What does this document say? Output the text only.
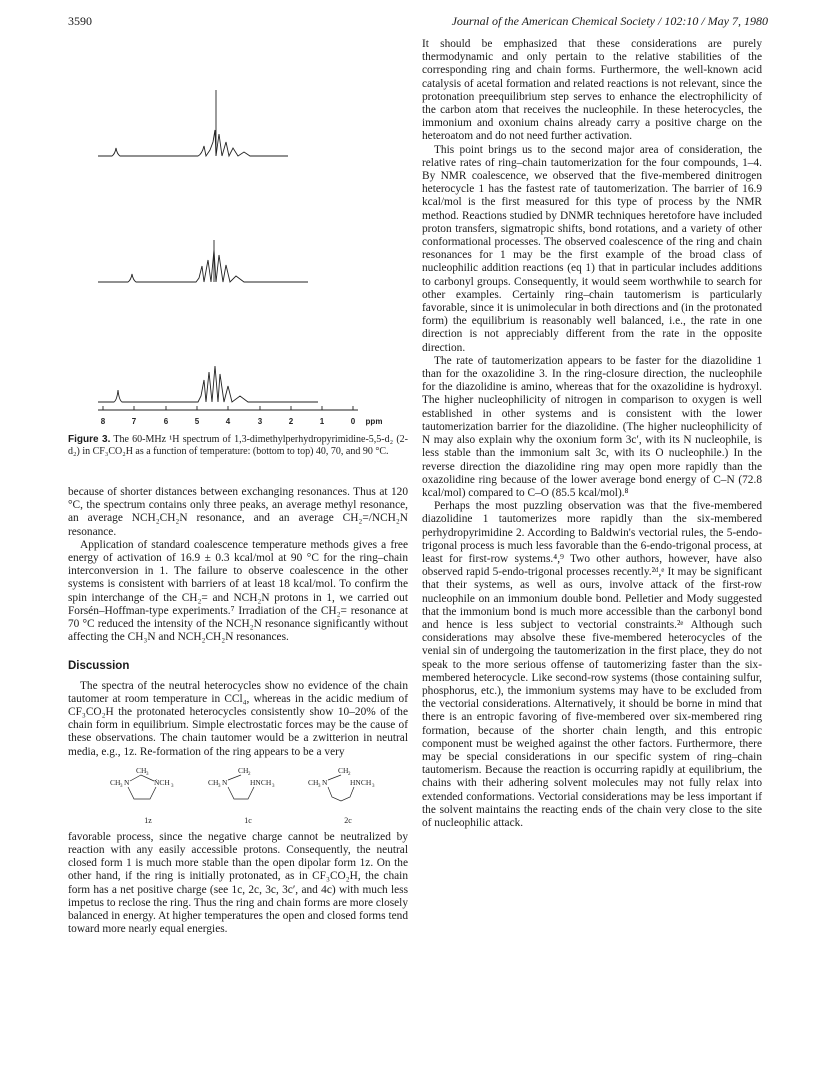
3590	Journal of the American Chemical Society / 102:10 / May 7, 1980
8	7	6	5	4	3	2	1	0 ppm
Figure 3. The 60-MHz ¹H spectrum of 1,3-dimethylperhydropyrimidine-5,5-d₂ (2-d₂) in CF₃CO₂H as a function of temperature: (bottom to top) 40, 70, and 90 °C.

because of shorter distances between exchanging resonances. Thus at 120 °C, the spectrum contains only three peaks, an average methyl resonance, an average NCH₂CH₂N resonance, and an average CH₂=/NCH₂N resonance.

Application of standard coalescence temperature methods gives a free energy of activation of 16.9 ± 0.3 kcal/mol at 90 °C for the ring–chain interconversion in 1. The failure to observe coalescence in the other systems is consistent with barriers of at least 18 kcal/mol. To confirm the spin interchange of the CH₂= and NCH₂N protons in 1, we carried out Forsén–Hoffman-type experiments.⁷ Irradiation of the CH₂= resonance at 70 °C reduced the intensity of the NCH₂N resonance significantly without affecting the CH₃N and NCH₂CH₂N resonances.

Discussion

The spectra of the neutral heterocycles show no evidence of the chain tautomer at room temperature in CCl₄, whereas in the acidic medium of CF₃CO₂H the protonated heterocycles consistently show 10–20% of the chain form in equilibrium. Simple electrostatic forces may be the cause of these observations. The chain tautomer would be a zwitterion in neutral media, e.g., 1z. Re-formation of the ring appears to be a very

CH 3
CH 3 N	ṄCH 3
1z
CH 2
CH 3 N	HNCH 3
1c
CH 2
CH 3 N	HNCH 3
2c

favorable process, since the negative charge cannot be neutralized by reaction with any easily accessible protons. Consequently, the neutral closed form 1 is much more stable than the open dipolar form 1z. On the other hand, if the ring is initially protonated, as in CF₃CO₂H, the chain form has a net positive charge (see 1c, 2c, 3c, 3c′, and 4c) with much less impetus to reclose the ring. Thus the ring and chain forms are more closely balanced in energy. At higher temperatures the open and closed forms tend toward more nearly equal energies.

It should be emphasized that these considerations are purely thermodynamic and only pertain to the relative stabilities of the corresponding ring and chain forms. Furthermore, the well-known acid catalysis of acetal formation and related reactions is not relevant, since the protonation preequilibrium step serves to enhance the electrophilicity of the carbon atom that receives the nucleophile. In these heterocycles, the immonium and oxonium chains already carry a positive charge on the heteroatom and do not need further activation.

This point brings us to the second major area of consideration, the relative rates of ring–chain tautomerization for the four compounds, 1–4. By NMR coalescence, we observed that the five-membered dinitrogen heterocycle 1 has the fastest rate of tautomerization. The barrier of 16.9 kcal/mol is the first measured for this type of process by the NMR method. Reactions studied by DNMR techniques heretofore have included proton transfers, sigmatropic shifts, bond rotations, and a variety of other conformational processes. The observed coalescence of the ring and chain resonances for 1 may be the first example of the broad class of nucleophilic addition reactions (eq 1) that in particular includes additions to carbonyl groups. Consequently, it would seem worthwhile to search for other examples. Certainly ring–chain tautomerism is particularly favorable, since it is unimolecular in both directions and (in the protonated form) the equilibrium is reasonably well balanced, i.e., the rate in one direction is not appreciably different from the rate in the opposite direction.

The rate of tautomerization appears to be faster for the diazolidine 1 than for the oxazolidine 3. In the ring-closure direction, the nucleophile for the diazolidine is amino, whereas that for the oxazolidine is hydroxyl. The higher nucleophilicity of nitrogen in comparison to oxygen is well established in other systems and is consistent with the lower tautomerization barrier for the diazolidine. (The higher nucleophilicity of N may also explain why the oxonium form 3c′, with its N nucleophile, is less stable than the immonium salt 3c, with its O nucleophile.) In the reverse direction the diazolidine ring may open more rapidly than the oxazolidine ring because of the lower average bond energy of C–N (72.8 kcal/mol) compared to C–O (85.5 kcal/mol).⁸

Perhaps the most puzzling observation was that the five-membered diazolidine 1 tautomerizes more rapidly than the six-membered perhydropyrimidine 2. According to Baldwin's vectorial rules, the 5-endo-trigonal process is much less favorable than the 6-endo-trigonal process, at least for first-row systems.⁴,⁹ Two other authors, however, have also observed rapid 5-endo-trigonal processes recently.²ᵈ,ᵉ It may be significant that their systems, as well as ours, involve attack of the first-row nucleophile on an immonium double bond. Pelletier and Mody suggested that the immonium bond is much more accessible than the carbonyl bond and hence is less subject to vectorial constraints.²ᵉ Although such considerations may absolve these five-membered heterocycles of the venial sin of undergoing the tautomerization in the first place, they do not speak to the more serious offense of tautomerizing faster than the six-membered heterocycle. Like second-row systems (those containing sulfur, phosphorus, etc.), the immonium systems may have to be excluded from the vectorial considerations. Alternatively, it should be borne in mind that there is an entropic favoring of five-membered over six-membered ring formation, because of the shorter chain length, and this entropic component must be weighed against the other factors. Furthermore, there may be special considerations in our specific system of ring–chain tautomerism. Because the reaction is occurring rapidly at equilibrium, the chains with their adhering solvent molecules may not fully relax into extended conformations. Vectorial considerations may be less important if the solvent maintains the reacting ends of the chain very close to the site of nucleophilic attack.
